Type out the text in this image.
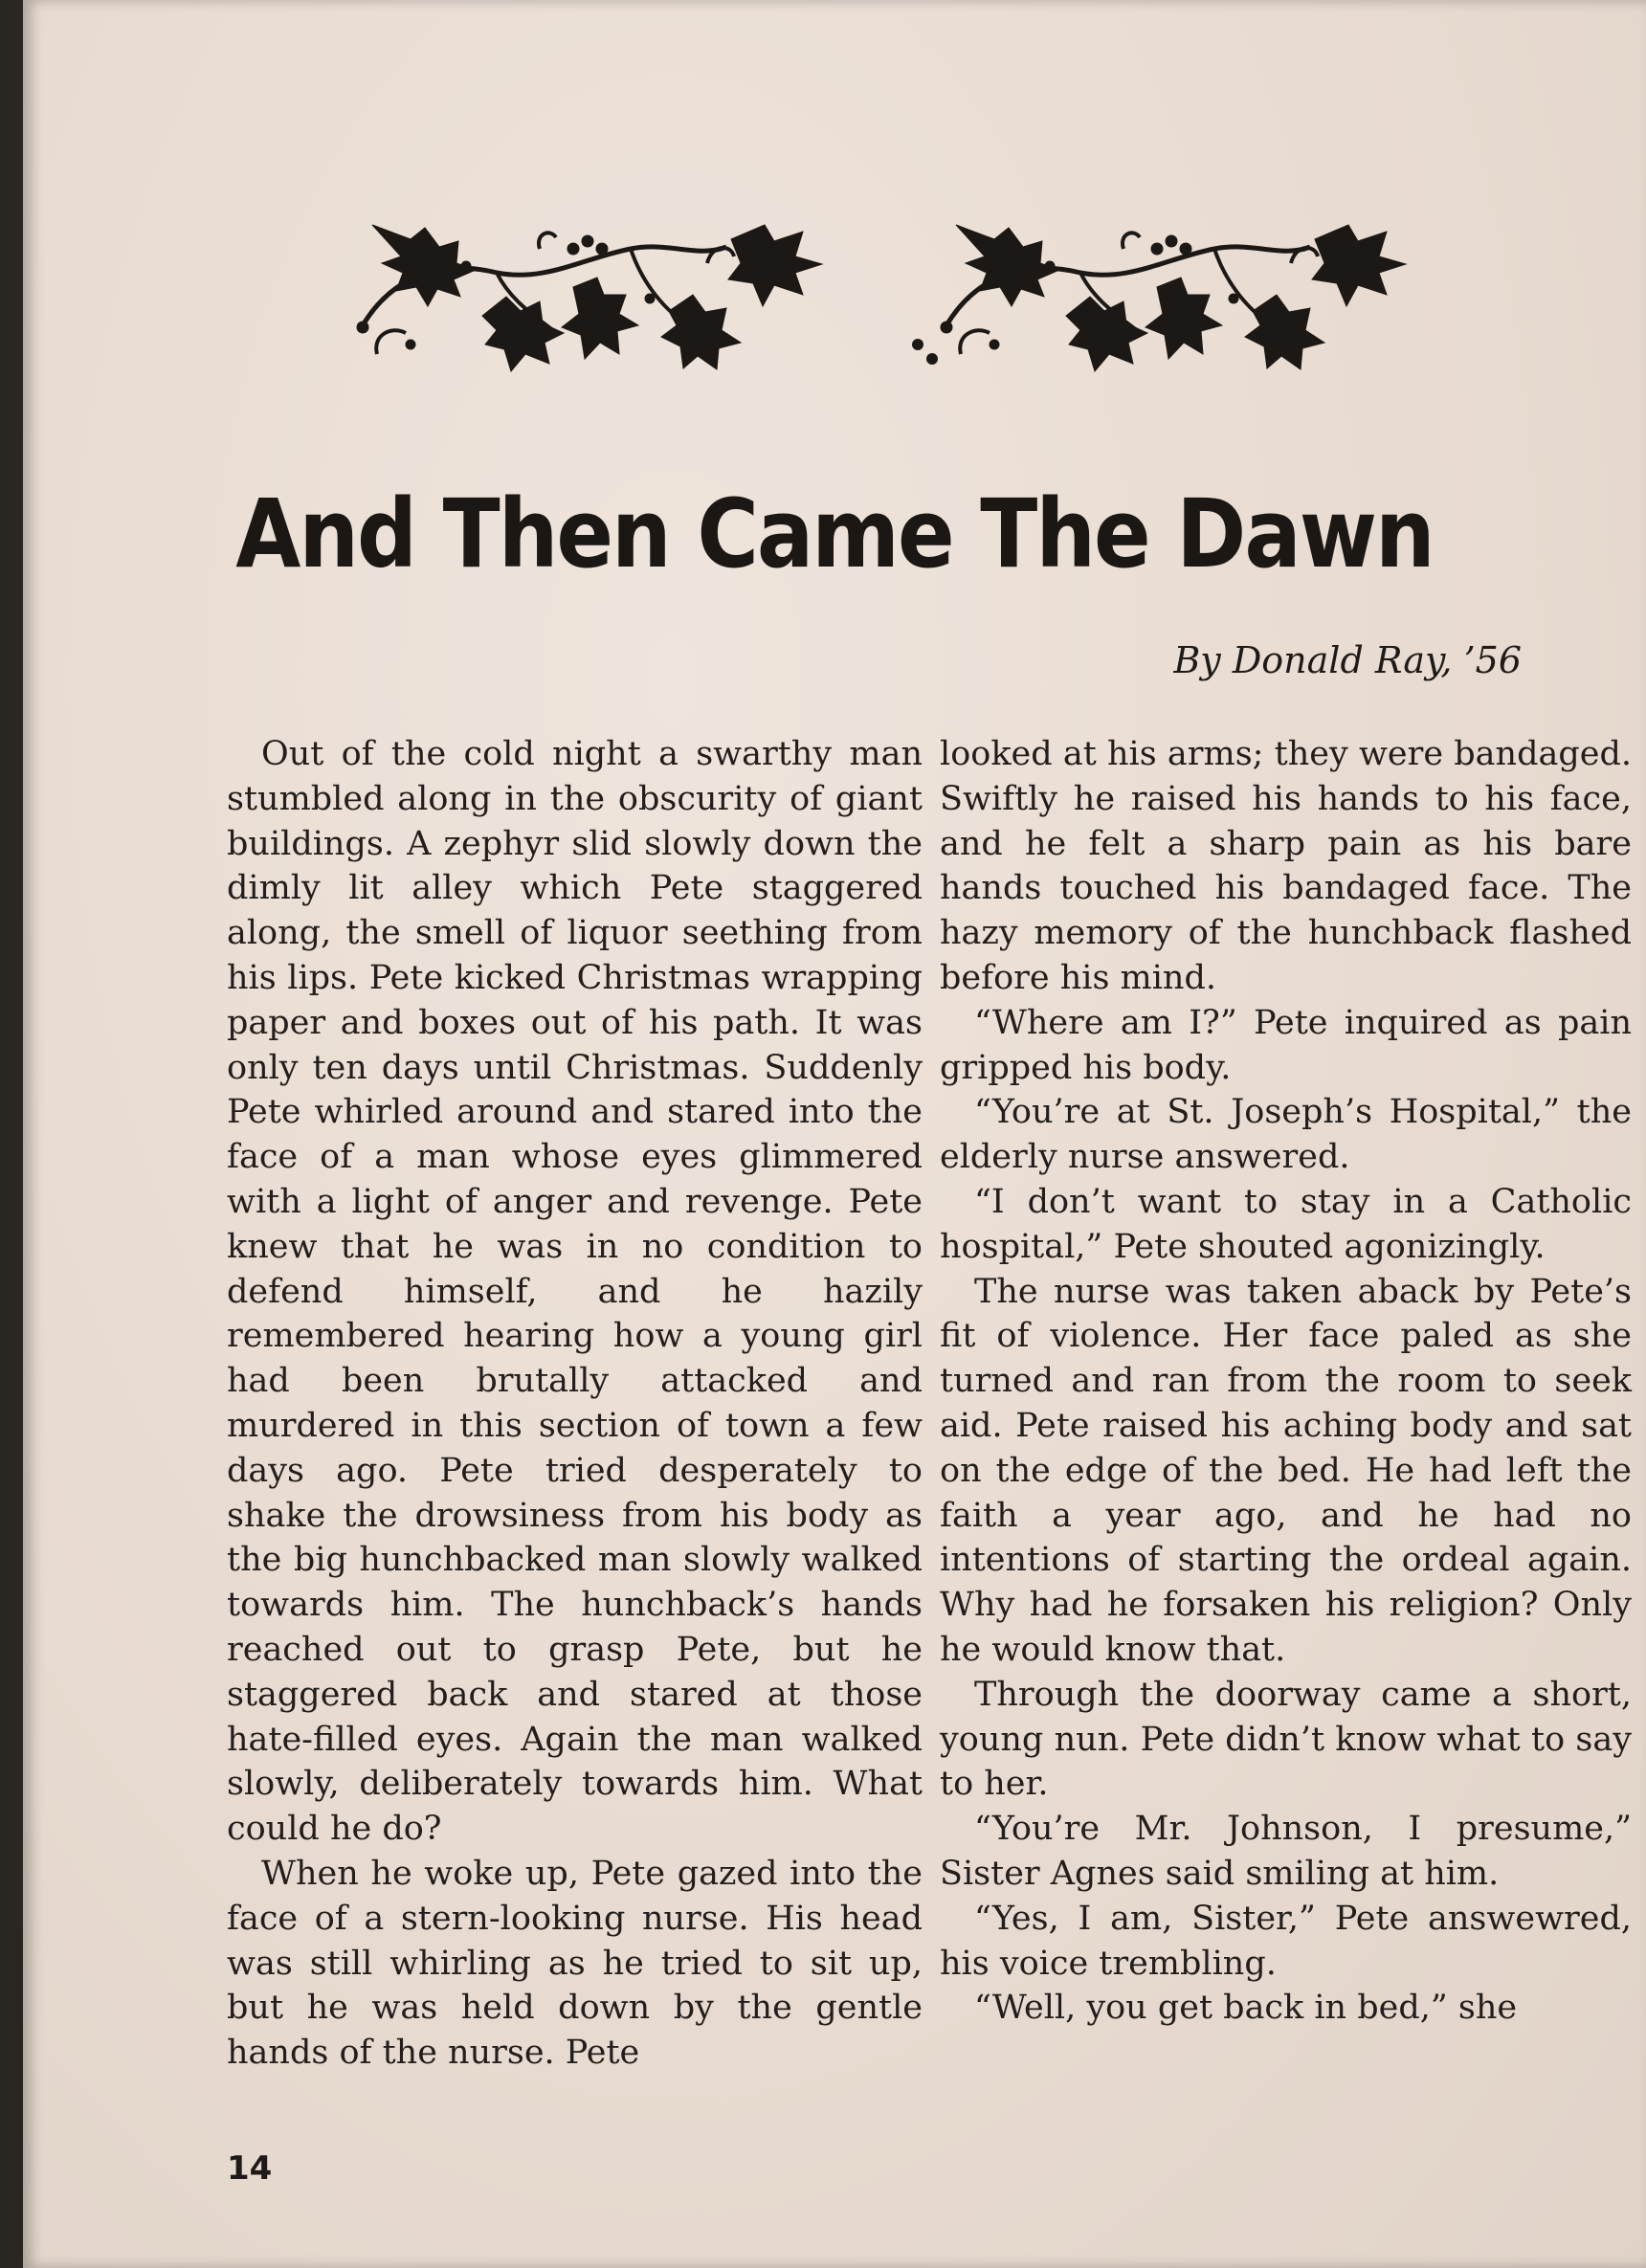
And Then Came The Dawn

By Donald Ray, ’56

Out of the cold night a swarthy man stumbled along in the obscurity of giant buildings. A zephyr slid slowly down the dimly lit alley which Pete staggered along, the smell of liquor seething from his lips. Pete kicked Christmas wrapping paper and boxes out of his path. It was only ten days until Christmas. Suddenly Pete whirled around and stared into the face of a man whose eyes glimmered with a light of anger and revenge. Pete knew that he was in no condition to defend himself, and he hazily remembered hearing how a young girl had been brutally attacked and murdered in this section of town a few days ago. Pete tried desperately to shake the drowsiness from his body as the big hunchbacked man slowly walked towards him. The hunchback’s hands reached out to grasp Pete, but he staggered back and stared at those hate-filled eyes. Again the man walked slowly, deliberately towards him. What could he do?

When he woke up, Pete gazed into the face of a stern-looking nurse. His head was still whirling as he tried to sit up, but he was held down by the gentle hands of the nurse. Pete

looked at his arms; they were bandaged. Swiftly he raised his hands to his face, and he felt a sharp pain as his bare hands touched his bandaged face. The hazy memory of the hunchback flashed before his mind.

“Where am I?” Pete inquired as pain gripped his body.

“You’re at St. Joseph’s Hospital,” the elderly nurse answered.

“I don’t want to stay in a Catholic hospital,” Pete shouted agonizingly.

The nurse was taken aback by Pete’s fit of violence. Her face paled as she turned and ran from the room to seek aid. Pete raised his aching body and sat on the edge of the bed. He had left the faith a year ago, and he had no intentions of starting the ordeal again. Why had he forsaken his religion? Only he would know that.

Through the doorway came a short, young nun. Pete didn’t know what to say to her.

“You’re Mr. Johnson, I presume,” Sister Agnes said smiling at him.

“Yes, I am, Sister,” Pete answewred, his voice trembling.

“Well, you get back in bed,” she

14
